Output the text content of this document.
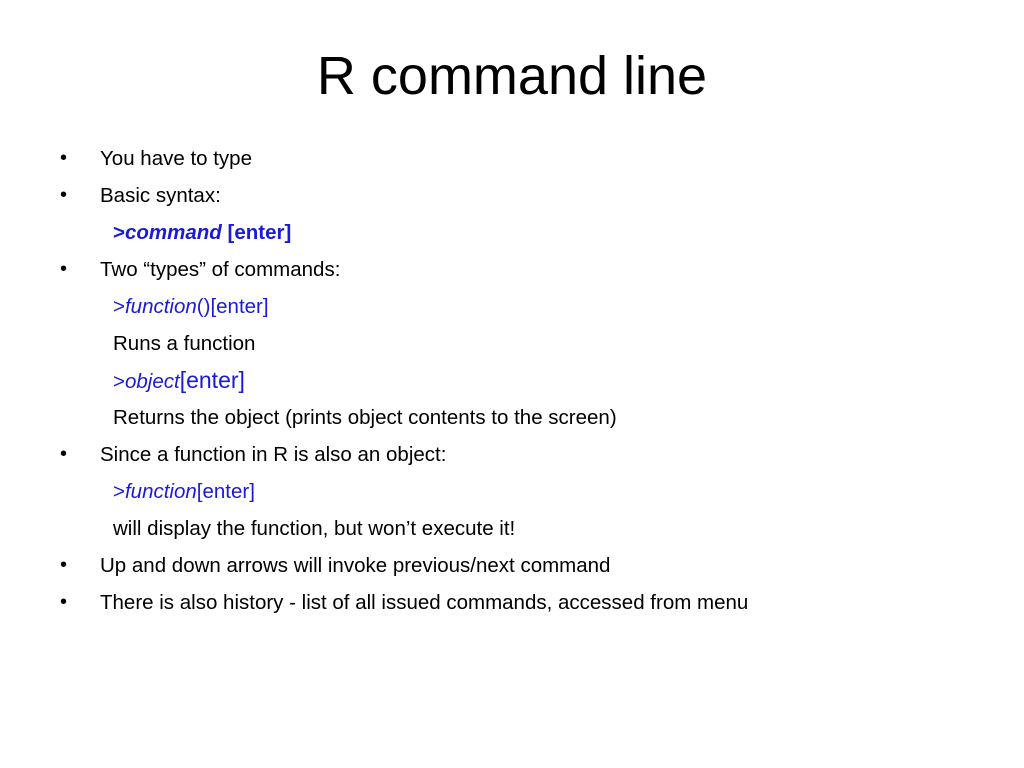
R command line
• You have to type
• Basic syntax:
>command [enter]
• Two “types” of commands:
>function()[enter]
Runs a function
>object[enter]
Returns the object (prints object contents to the screen)
• Since a function in R is also an object:
>function[enter]
will display the function, but won’t execute it!
• Up and down arrows will invoke previous/next command
• There is also history - list of all issued commands, accessed from menu
